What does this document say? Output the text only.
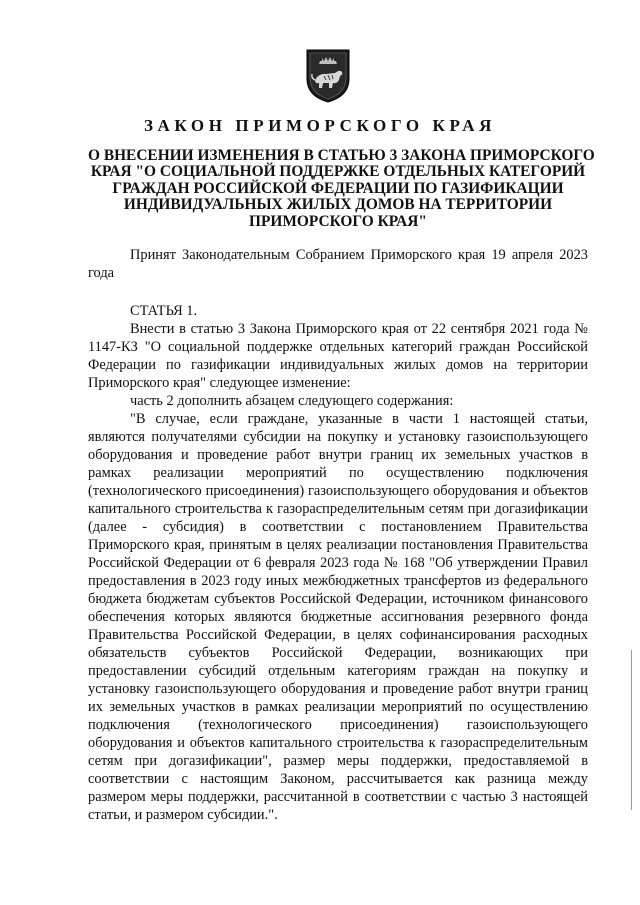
ЗАКОН ПРИМОРСКОГО КРАЯ
О ВНЕСЕНИИ ИЗМЕНЕНИЯ В СТАТЬЮ 3 ЗАКОНА ПРИМОРСКОГО
КРАЯ "О СОЦИАЛЬНОЙ ПОДДЕРЖКЕ ОТДЕЛЬНЫХ КАТЕГОРИЙ
ГРАЖДАН РОССИЙСКОЙ ФЕДЕРАЦИИ ПО ГАЗИФИКАЦИИ
ИНДИВИДУАЛЬНЫХ ЖИЛЫХ ДОМОВ НА ТЕРРИТОРИИ
ПРИМОРСКОГО КРАЯ"

Принят Законодательным Собранием Приморского края 19 апреля 2023 года

СТАТЬЯ 1.

Внести в статью 3 Закона Приморского края от 22 сентября 2021 года № 1147-КЗ "О социальной поддержке отдельных категорий граждан Российской Федерации по газификации индивидуальных жилых домов на территории Приморского края" следующее изменение:

часть 2 дополнить абзацем следующего содержания:

"В случае, если граждане, указанные в части 1 настоящей статьи, являются получателями субсидии на покупку и установку газоиспользующего оборудования и проведение работ внутри границ их земельных участков в рамках реализации мероприятий по осуществлению подключения (технологического присоединения) газоиспользующего оборудования и объектов капитального строительства к газораспределительным сетям при догазификации (далее - субсидия) в соответствии с постановлением Правительства Приморского края, принятым в целях реализации постановления Правительства Российской Федерации от 6 февраля 2023 года № 168 "Об утверждении Правил предоставления в 2023 году иных межбюджетных трансфертов из федерального бюджета бюджетам субъектов Российской Федерации, источником финансового обеспечения которых являются бюджетные ассигнования резервного фонда Правительства Российской Федерации, в целях софинансирования расходных обязательств субъектов Российской Федерации, возникающих при предоставлении субсидий отдельным категориям граждан на покупку и установку газоиспользующего оборудования и проведение работ внутри границ их земельных участков в рамках реализации мероприятий по осуществлению подключения (технологического присоединения) газоиспользующего оборудования и объектов капитального строительства к газораспределительным сетям при догазификации", размер меры поддержки, предоставляемой в соответствии с настоящим Законом, рассчитывается как разница между размером меры поддержки, рассчитанной в соответствии с частью 3 настоящей статьи, и размером субсидии.".
